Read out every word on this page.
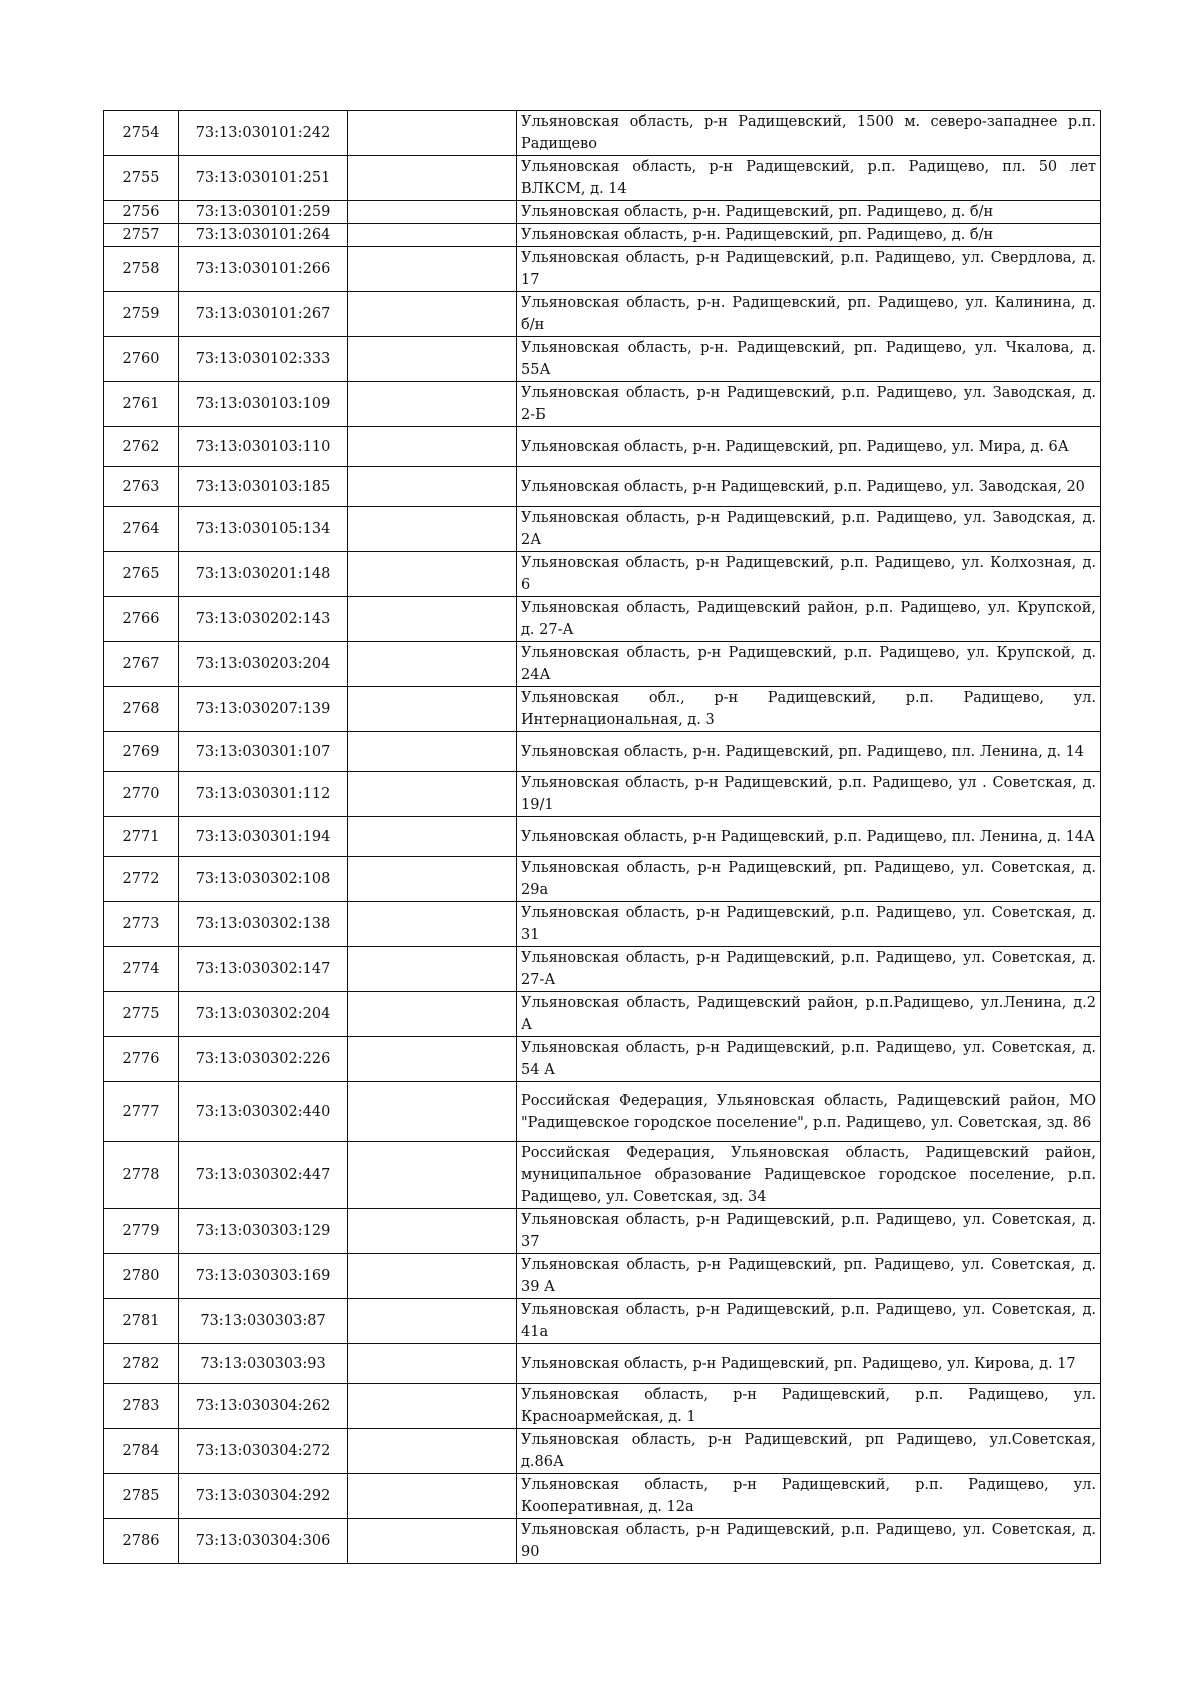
2754	73:13:030101:242		Ульяновская область, р-н Радищевский, 1500 м. северо-западнее р.п. Радищево
2755	73:13:030101:251		Ульяновская область, р-н Радищевский, р.п. Радищево, пл. 50 лет ВЛКСМ, д. 14
2756	73:13:030101:259		Ульяновская область, р-н. Радищевский, рп. Радищево, д. б/н
2757	73:13:030101:264		Ульяновская область, р-н. Радищевский, рп. Радищево, д. б/н
2758	73:13:030101:266		Ульяновская область, р-н Радищевский, р.п. Радищево, ул. Свердлова, д. 17
2759	73:13:030101:267		Ульяновская область, р-н. Радищевский, рп. Радищево, ул. Калинина, д. б/н
2760	73:13:030102:333		Ульяновская область, р-н. Радищевский, рп. Радищево, ул. Чкалова, д. 55А
2761	73:13:030103:109		Ульяновская область, р-н Радищевский, р.п. Радищево, ул. Заводская, д. 2-Б
2762	73:13:030103:110		Ульяновская область, р-н. Радищевский, рп. Радищево, ул. Мира, д. 6А
2763	73:13:030103:185		Ульяновская область, р-н Радищевский, р.п. Радищево, ул. Заводская, 20
2764	73:13:030105:134		Ульяновская область, р-н Радищевский, р.п. Радищево, ул. Заводская, д. 2А
2765	73:13:030201:148		Ульяновская область, р-н Радищевский, р.п. Радищево, ул. Колхозная, д. 6
2766	73:13:030202:143		Ульяновская область, Радищевский район, р.п. Радищево, ул. Крупской, д. 27-А
2767	73:13:030203:204		Ульяновская область, р-н Радищевский, р.п. Радищево, ул. Крупской, д. 24А
2768	73:13:030207:139		Ульяновская обл., р-н Радищевский, р.п. Радищево, ул. Интернациональная, д. 3
2769	73:13:030301:107		Ульяновская область, р-н. Радищевский, рп. Радищево, пл. Ленина, д. 14
2770	73:13:030301:112		Ульяновская область, р-н Радищевский, р.п. Радищево, ул . Советская, д. 19/1
2771	73:13:030301:194		Ульяновская область, р-н Радищевский, р.п. Радищево, пл. Ленина, д. 14А
2772	73:13:030302:108		Ульяновская область, р-н Радищевский, рп. Радищево, ул. Советская, д. 29а
2773	73:13:030302:138		Ульяновская область, р-н Радищевский, р.п. Радищево, ул. Советская, д. 31
2774	73:13:030302:147		Ульяновская область, р-н Радищевский, р.п. Радищево, ул. Советская, д. 27-А
2775	73:13:030302:204		Ульяновская область, Радищевский район, р.п.Радищево, ул.Ленина, д.2 А
2776	73:13:030302:226		Ульяновская область, р-н Радищевский, р.п. Радищево, ул. Советская, д. 54 А
2777	73:13:030302:440		Российская Федерация, Ульяновская область, Радищевский район, МО "Радищевское городское поселение", р.п. Радищево, ул. Советская, зд. 86
2778	73:13:030302:447		Российская Федерация, Ульяновская область, Радищевский район, муниципальное образование Радищевское городское поселение, р.п. Радищево, ул. Советская, зд. 34
2779	73:13:030303:129		Ульяновская область, р-н Радищевский, р.п. Радищево, ул. Советская, д. 37
2780	73:13:030303:169		Ульяновская область, р-н Радищевский, рп. Радищево, ул. Советская, д. 39 А
2781	73:13:030303:87		Ульяновская область, р-н Радищевский, р.п. Радищево, ул. Советская, д. 41а
2782	73:13:030303:93		Ульяновская область, р-н Радищевский, рп. Радищево, ул. Кирова, д. 17
2783	73:13:030304:262		Ульяновская область, р-н Радищевский, р.п. Радищево, ул. Красноармейская, д. 1
2784	73:13:030304:272		Ульяновская область, р-н Радищевский, рп Радищево, ул.Советская, д.86А
2785	73:13:030304:292		Ульяновская область, р-н Радищевский, р.п. Радищево, ул. Кооперативная, д. 12а
2786	73:13:030304:306		Ульяновская область, р-н Радищевский, р.п. Радищево, ул. Советская, д. 90
